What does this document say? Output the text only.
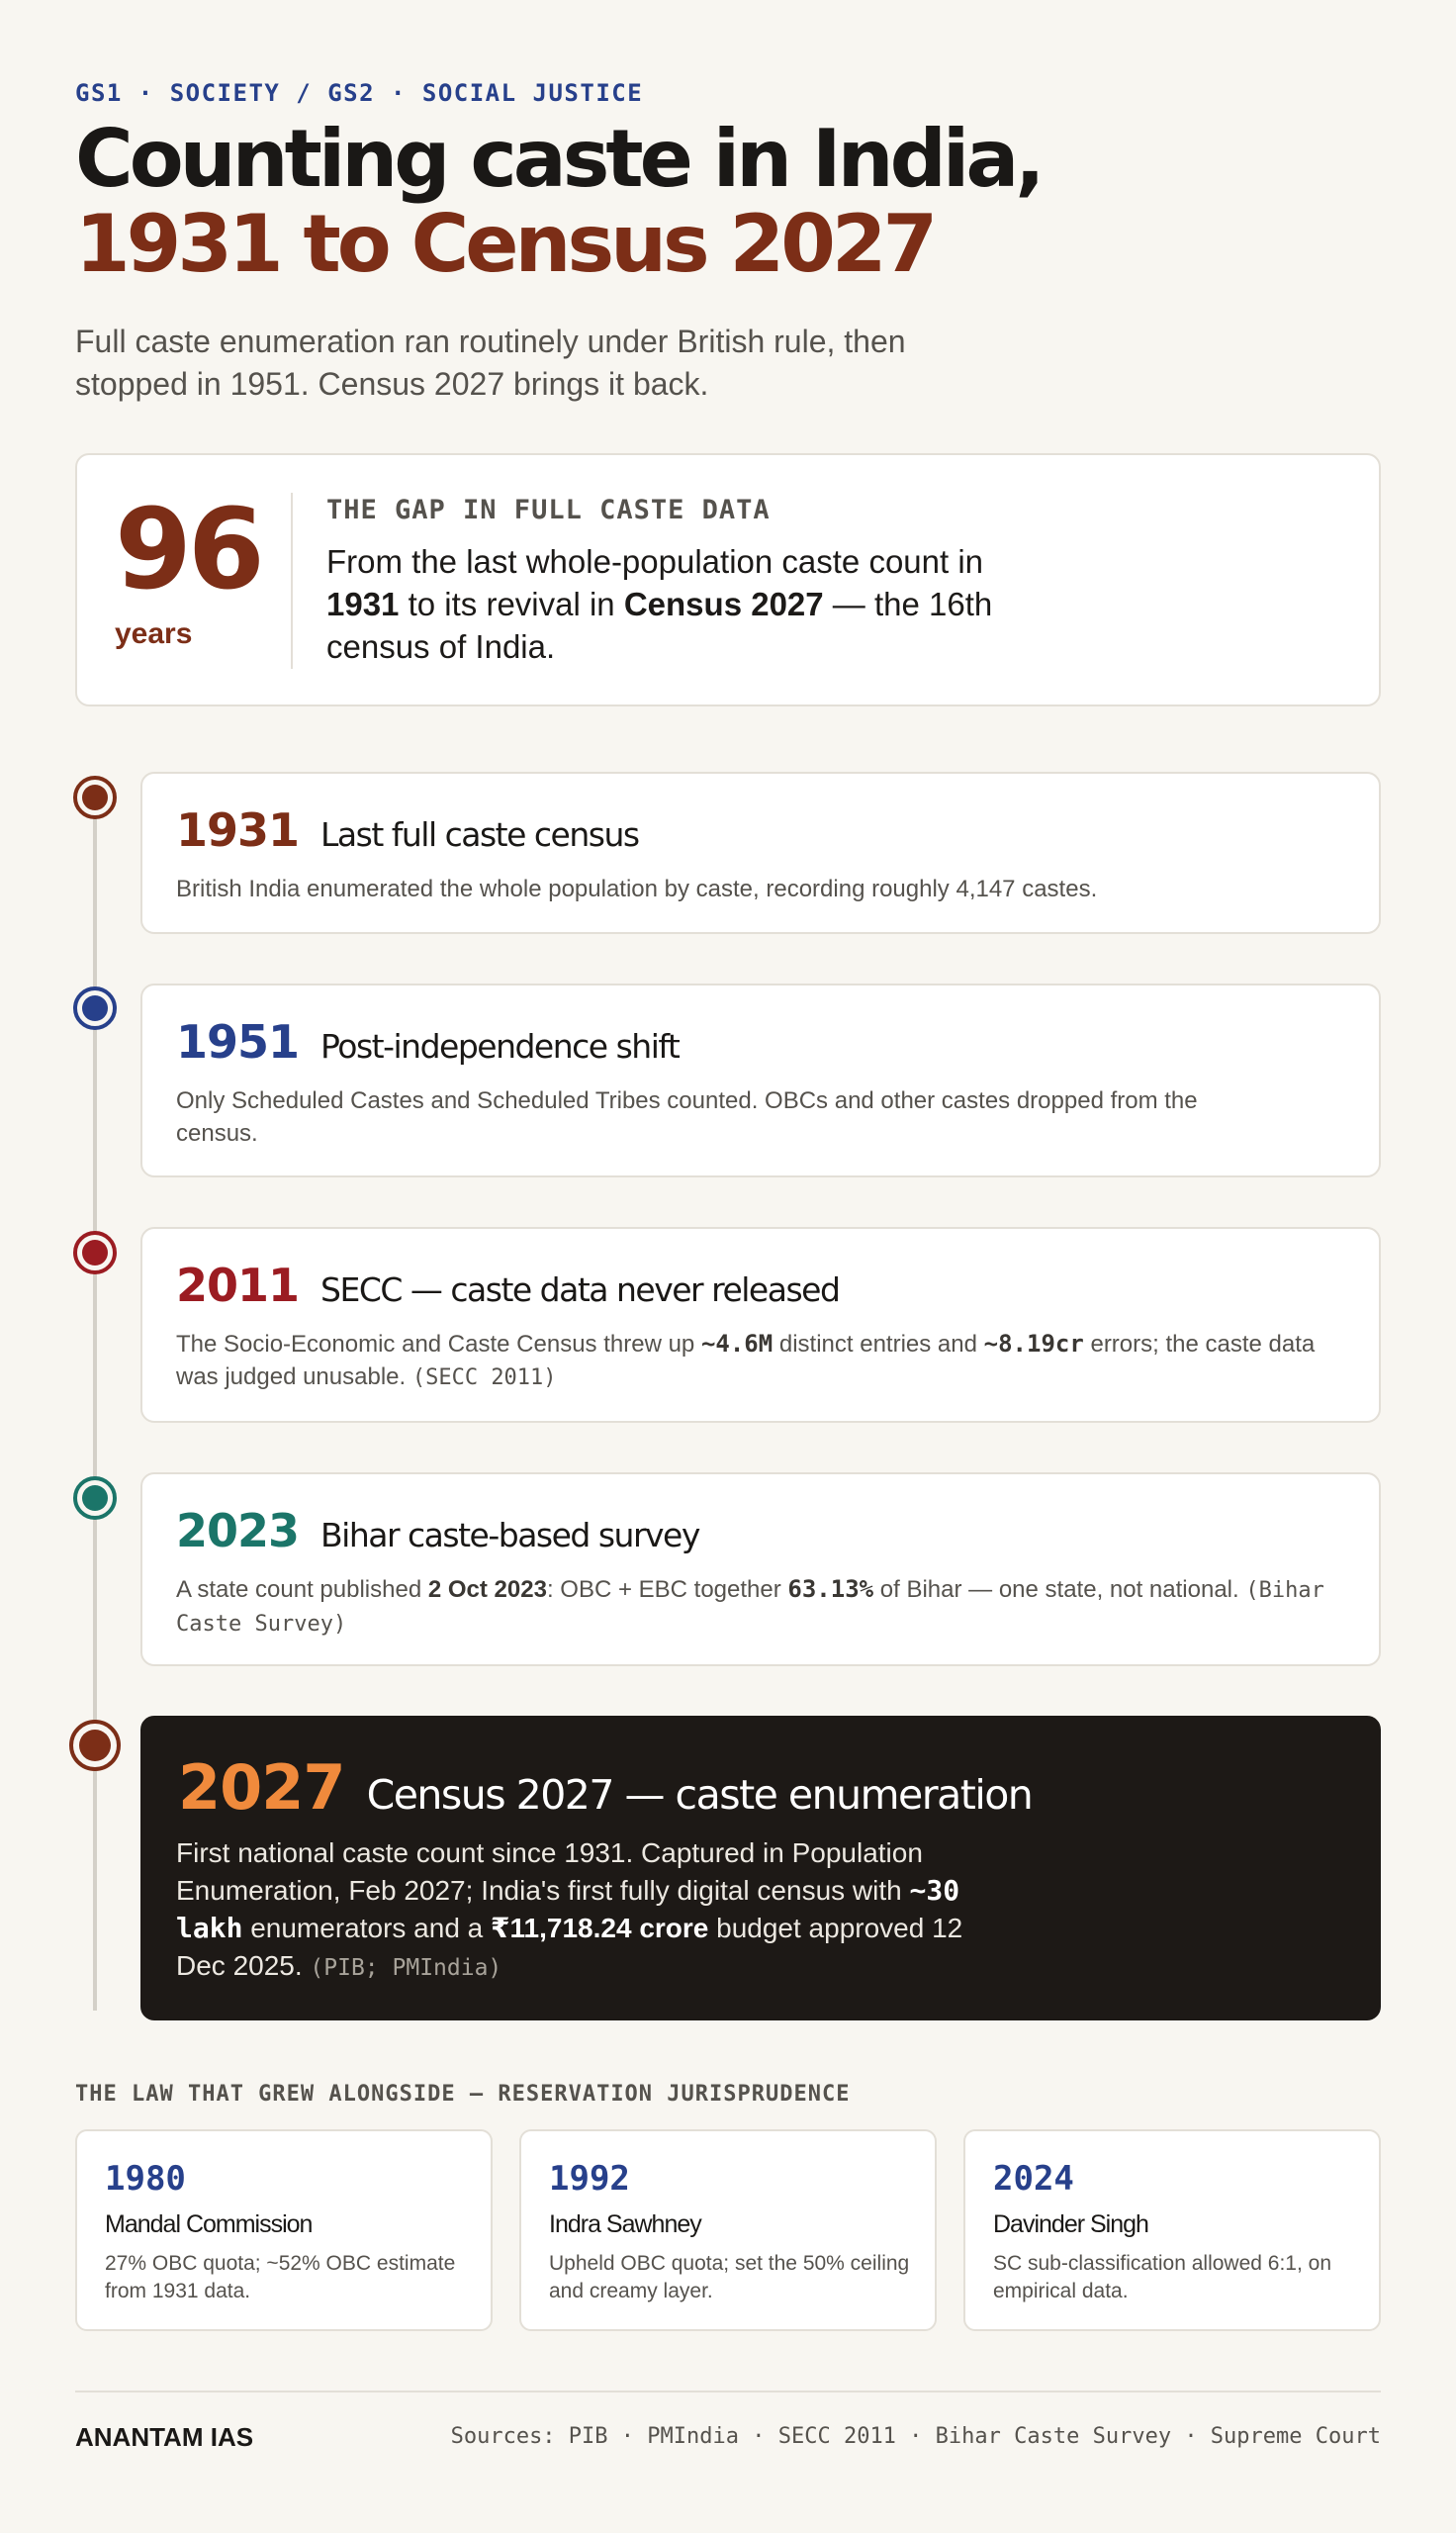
GS1 · SOCIETY / GS2 · SOCIAL JUSTICE
Counting caste in India,
1931 to Census 2027

Full caste enumeration ran routinely under British rule, then stopped in 1951. Census 2027 brings it back.

96
years
THE GAP IN FULL CASTE DATA

From the last whole-population caste count in 1931 to its revival in Census 2027 — the 16th census of India.

1931 Last full caste census

British India enumerated the whole population by caste, recording roughly 4,147 castes.

1951 Post-independence shift

Only Scheduled Castes and Scheduled Tribes counted. OBCs and other castes dropped from the census.

2011 SECC — caste data never released

The Socio-Economic and Caste Census threw up ~4.6M distinct entries and ~8.19cr errors; the caste data was judged unusable. (SECC 2011)

2023 Bihar caste-based survey

A state count published 2 Oct 2023: OBC + EBC together 63.13% of Bihar — one state, not national. (Bihar Caste Survey)

2027 Census 2027 — caste enumeration

First national caste count since 1931. Captured in Population Enumeration, Feb 2027; India's first fully digital census with ~30 lakh enumerators and a ₹11,718.24 crore budget approved 12 Dec 2025. (PIB; PMIndia)

THE LAW THAT GREW ALONGSIDE — RESERVATION JURISPRUDENCE
1980
Mandal Commission
27% OBC quota; ~52% OBC estimate from 1931 data.
1992
Indra Sawhney
Upheld OBC quota; set the 50% ceiling and creamy layer.
2024
Davinder Singh
SC sub-classification allowed 6:1, on empirical data.
ANANTAM IAS	Sources: PIB · PMIndia · SECC 2011 · Bihar Caste Survey · Supreme Court
